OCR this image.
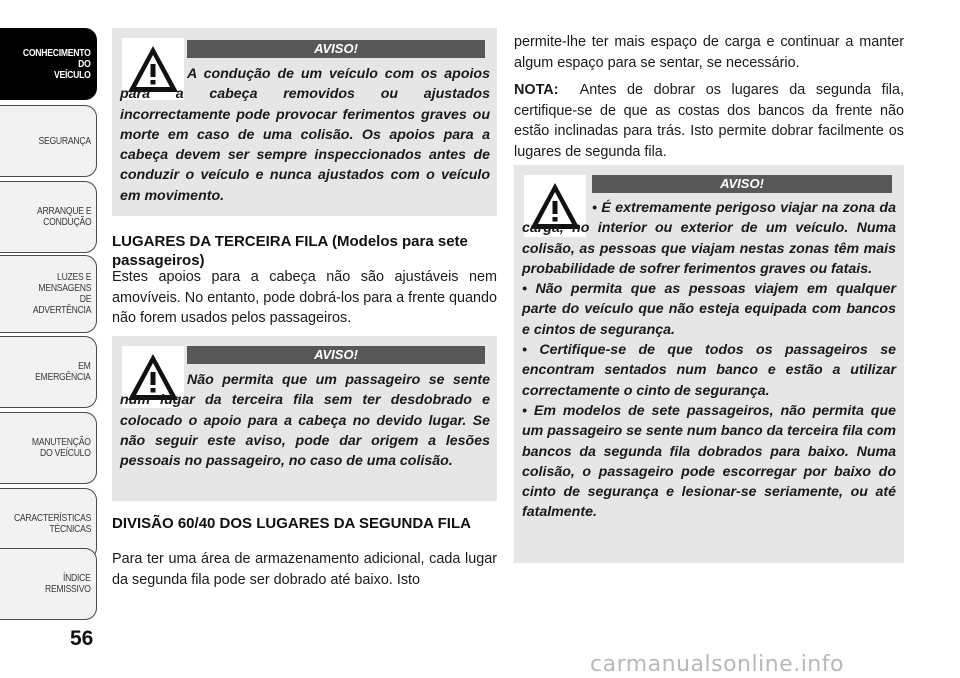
CONHECIMENTO
DO
VEÍCULO
SEGURANÇA
ARRANQUE E
CONDUÇÃO
LUZES E
MENSAGENS
DE
ADVERTÊNCIA
EM
EMERGÊNCIA
MANUTENÇÃO
DO VEÍCULO
CARACTERÍSTICAS
TÉCNICAS
ÍNDICE
REMISSIVO
56
AVISO!
A condução de um veículo com os apoios para a cabeça removidos ou ajustados incorrectamente pode provocar ferimentos graves ou morte em caso de uma colisão. Os apoios para a cabeça devem ser sempre inspeccionados antes de conduzir o veículo e nunca ajustados com o veículo em movimento.
LUGARES DA TERCEIRA FILA (Modelos para sete passageiros)
Estes apoios para a cabeça não são ajustáveis nem amovíveis. No entanto, pode dobrá-los para a frente quando não forem usados pelos passageiros.
AVISO!
Não permita que um passageiro se sente num lugar da terceira fila sem ter desdobrado e colocado o apoio para a cabeça no devido lugar. Se não seguir este aviso, pode dar origem a lesões pessoais no passageiro, no caso de uma colisão.
DIVISÃO 60/40 DOS LUGARES DA SEGUNDA FILA
Para ter uma área de armazenamento adicional, cada lugar da segunda fila pode ser dobrado até baixo. Isto
permite-lhe ter mais espaço de carga e continuar a manter algum espaço para se sentar, se necessário.
NOTA: Antes de dobrar os lugares da segunda fila, certifique-se de que as costas dos bancos da frente não estão inclinadas para trás. Isto permite dobrar facilmente os lugares de segunda fila.
AVISO!

• É extremamente perigoso viajar na zona da carga, no interior ou exterior de um veículo. Numa colisão, as pessoas que viajam nestas zonas têm mais probabilidade de sofrer ferimentos graves ou fatais.

• Não permita que as pessoas viajem em qualquer parte do veículo que não esteja equipada com bancos e cintos de segurança.

• Certifique-se de que todos os passageiros se encontram sentados num banco e estão a utilizar correctamente o cinto de segurança.

• Em modelos de sete passageiros, não permita que um passageiro se sente num banco da terceira fila com bancos da segunda fila dobrados para baixo. Numa colisão, o passageiro pode escorregar por baixo do cinto de segurança e lesionar-se seriamente, ou até fatalmente.

carmanualsonline.info
